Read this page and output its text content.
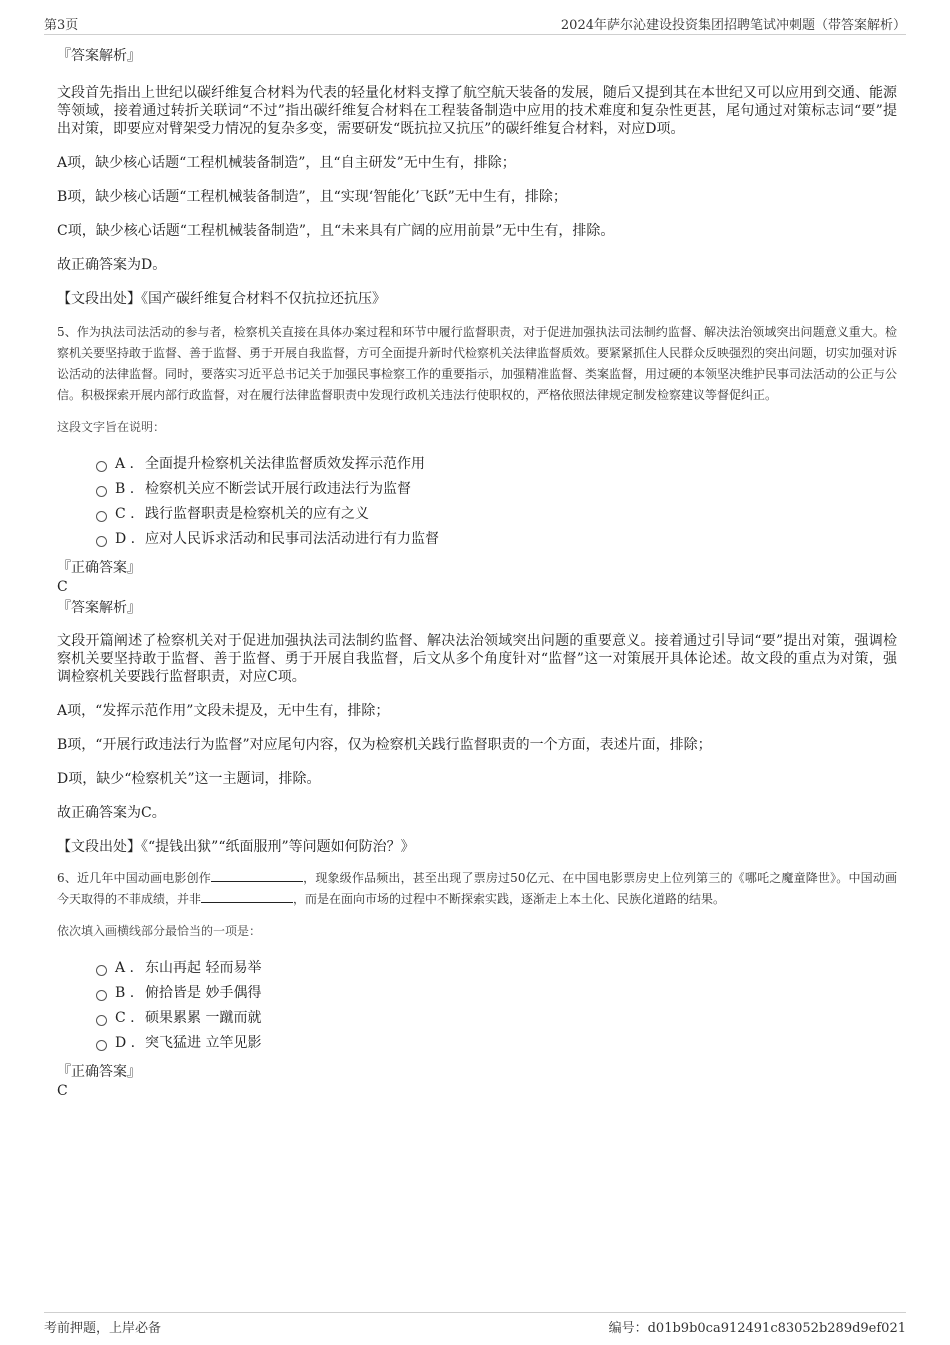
第3页	2024年萨尔沁建设投资集团招聘笔试冲刺题（带答案解析）
『答案解析』

文段首先指出上世纪以碳纤维复合材料为代表的轻量化材料支撑了航空航天装备的发展，随后又提到其在本世纪又可以应用到交通、能源等领域，接着通过转折关联词“不过”指出碳纤维复合材料在工程装备制造中应用的技术难度和复杂性更甚，尾句通过对策标志词“要”提出对策，即要应对臂架受力情况的复杂多变，需要研发“既抗拉又抗压”的碳纤维复合材料，对应D项。

A项，缺少核心话题“工程机械装备制造”，且“自主研发”无中生有，排除；

B项，缺少核心话题“工程机械装备制造”，且“实现‘智能化’飞跃”无中生有，排除；

C项，缺少核心话题“工程机械装备制造”，且“未来具有广阔的应用前景”无中生有，排除。

故正确答案为D。

【文段出处】《国产碳纤维复合材料不仅抗拉还抗压》

5、作为执法司法活动的参与者，检察机关直接在具体办案过程和环节中履行监督职责，对于促进加强执法司法制约监督、解决法治领域突出问题意义重大。检察机关要坚持敢于监督、善于监督、勇于开展自我监督，方可全面提升新时代检察机关法律监督质效。要紧紧抓住人民群众反映强烈的突出问题，切实加强对诉讼活动的法律监督。同时，要落实习近平总书记关于加强民事检察工作的重要指示，加强精准监督、类案监督，用过硬的本领坚决维护民事司法活动的公正与公信。积极探索开展内部行政监督，对在履行法律监督职责中发现行政机关违法行使职权的，严格依照法律规定制发检察建议等督促纠正。

这段文字旨在说明：
A . 全面提升检察机关法律监督质效发挥示范作用
B . 检察机关应不断尝试开展行政违法行为监督
C . 践行监督职责是检察机关的应有之义
D . 应对人民诉求活动和民事司法活动进行有力监督
『正确答案』
C
『答案解析』

文段开篇阐述了检察机关对于促进加强执法司法制约监督、解决法治领域突出问题的重要意义。接着通过引导词“要”提出对策，强调检察机关要坚持敢于监督、善于监督、勇于开展自我监督，后文从多个角度针对“监督”这一对策展开具体论述。故文段的重点为对策，强调检察机关要践行监督职责，对应C项。

A项，“发挥示范作用”文段未提及，无中生有，排除；

B项，“开展行政违法行为监督”对应尾句内容，仅为检察机关践行监督职责的一个方面，表述片面，排除；

D项，缺少“检察机关”这一主题词，排除。

故正确答案为C。

【文段出处】《“提钱出狱”“纸面服刑”等问题如何防治？》

6、近几年中国动画电影创作	，现象级作品频出，甚至出现了票房过50亿元、在中国电影票房史上位列第三的《哪吒之魔童降世》。中国动画今天取得的不菲成绩，并非	，而是在面向市场的过程中不断探索实践，逐渐走上本土化、民族化道路的结果。

依次填入画横线部分最恰当的一项是：
A . 东山再起 轻而易举
B . 俯拾皆是 妙手偶得
C . 硕果累累 一蹴而就
D . 突飞猛进 立竿见影
『正确答案』
C
考前押题，上岸必备	编号：d01b9b0ca912491c83052b289d9ef021
